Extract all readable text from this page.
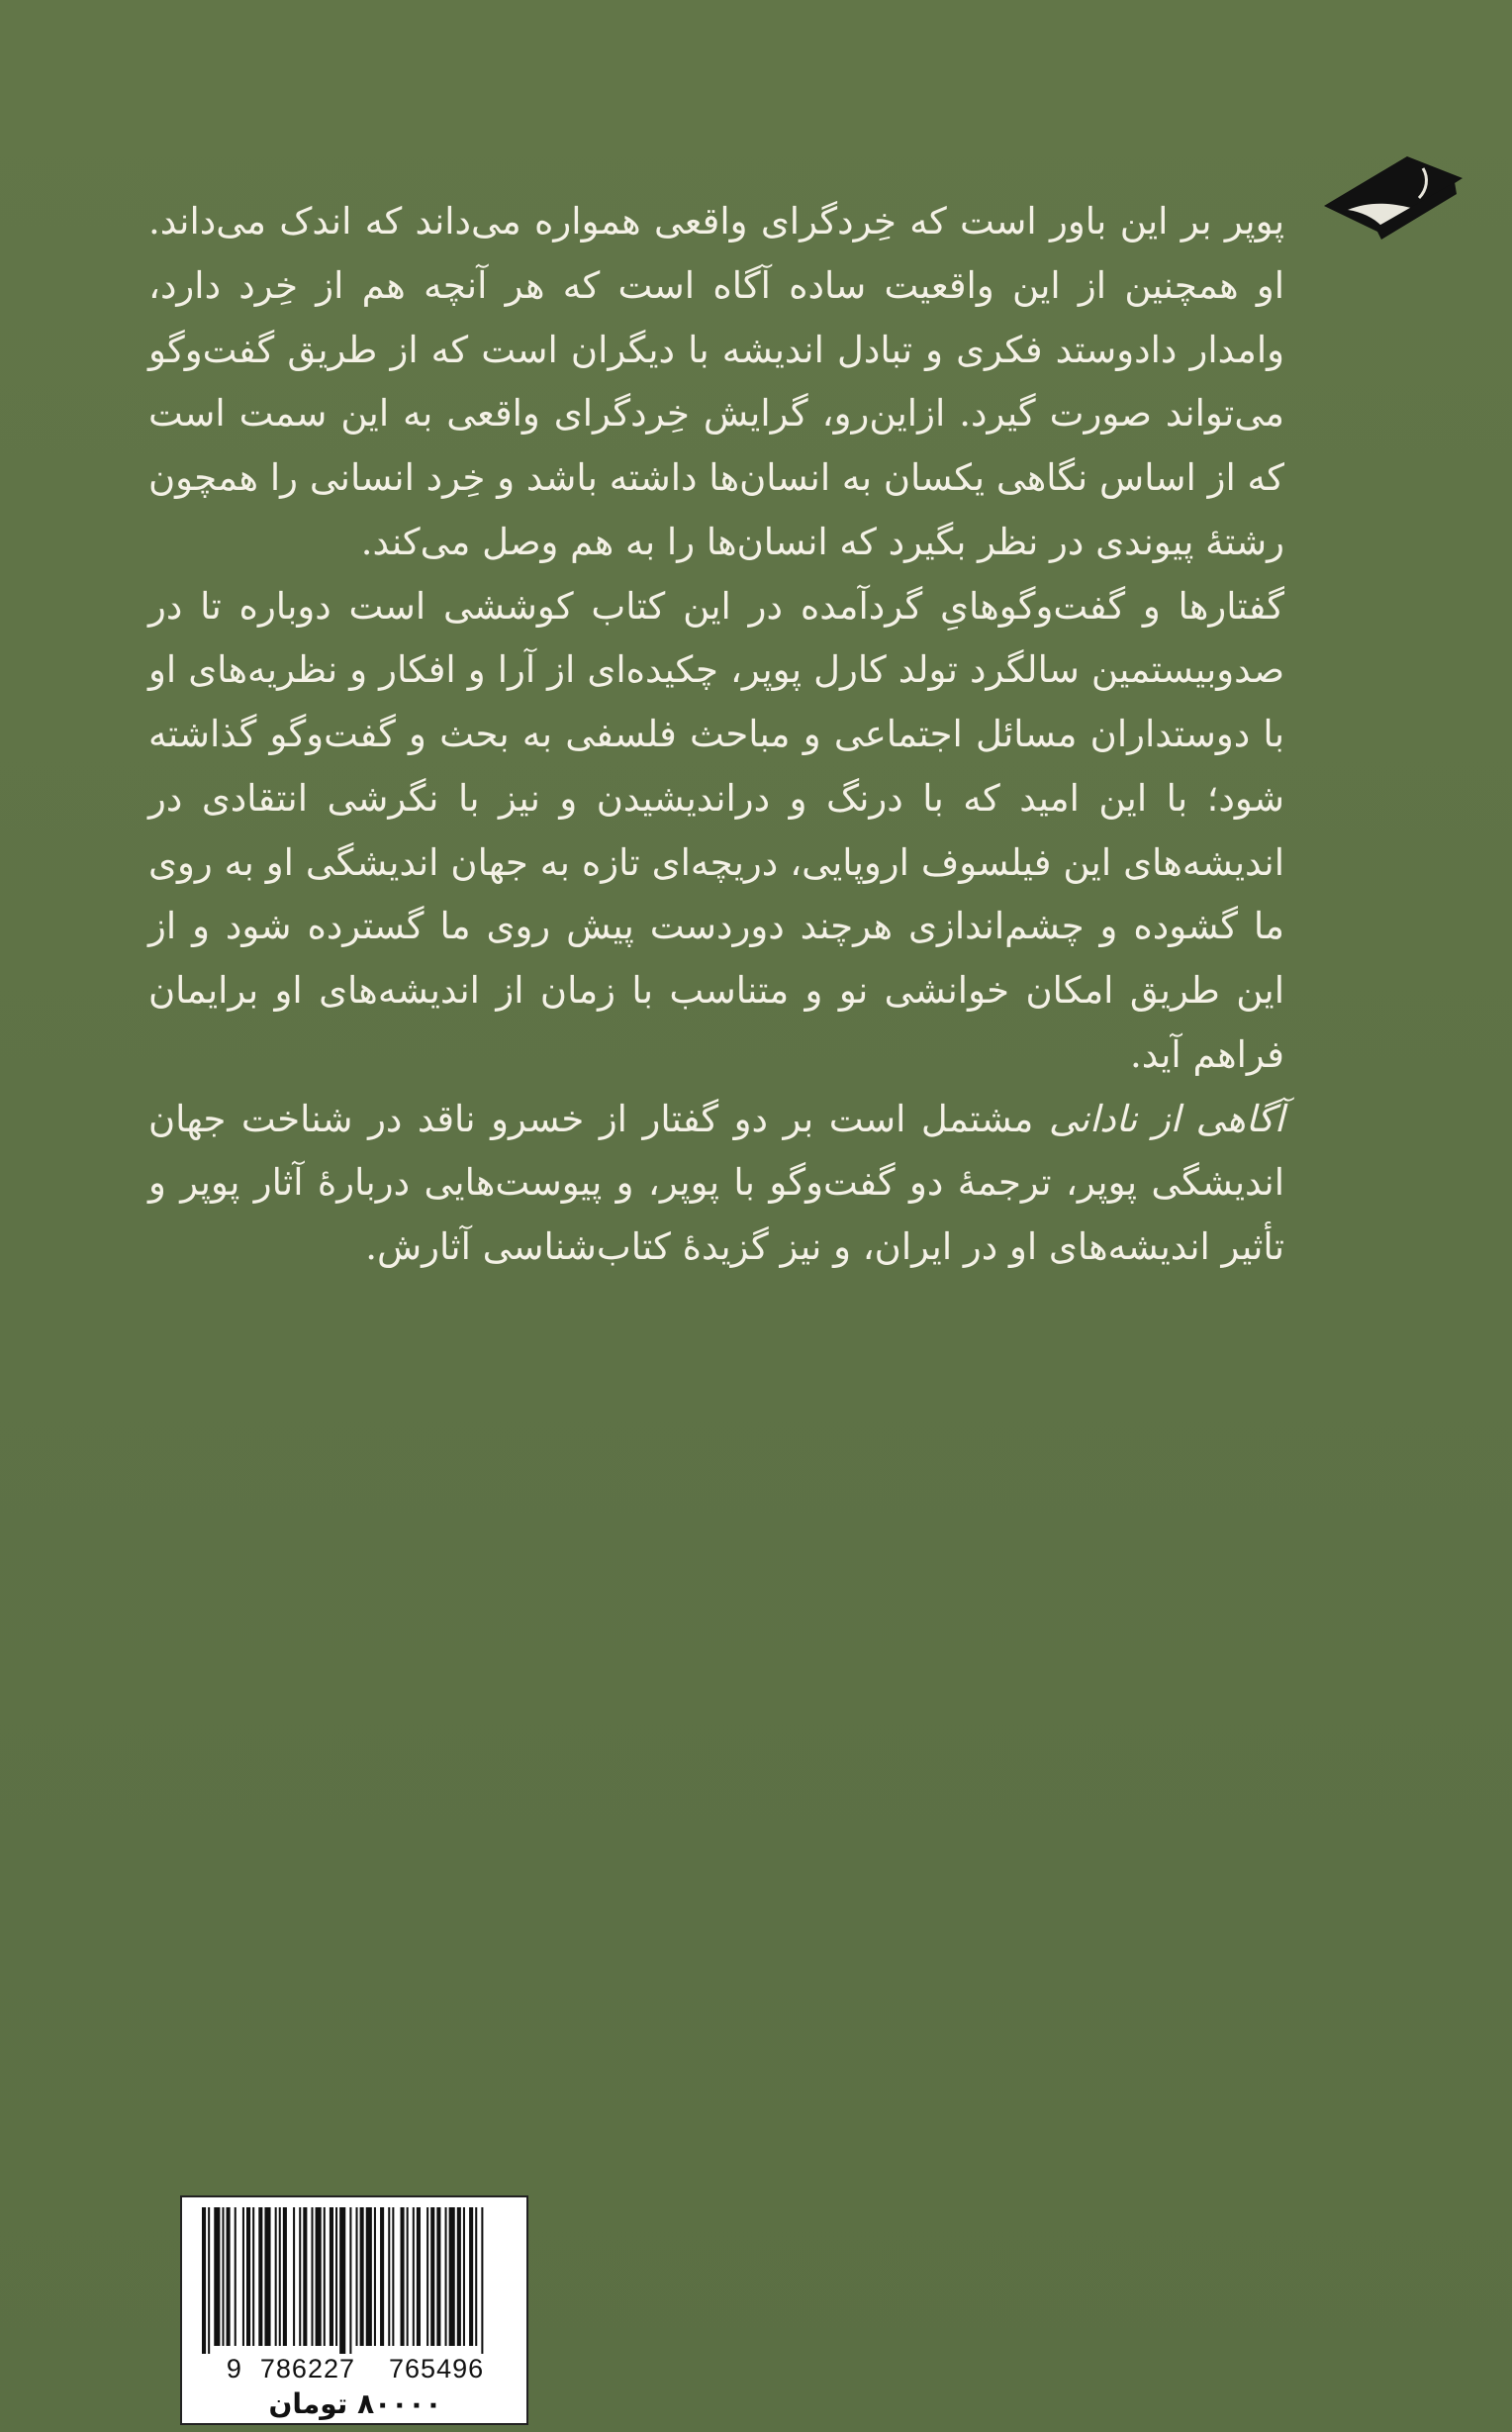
پوپر بر این باور است که خِردگرای واقعی همواره می‌داند که اندک می‌داند. او همچنین از این واقعیت ساده آگاه است که هر آنچه هم از خِرد دارد، وامدار دادوستد فکری و تبادل اندیشه با دیگران است که از طریق گفت‌وگو می‌تواند صورت گیرد. ازاین‌رو، گرایش خِردگرای واقعی به این سمت است که از اساس نگاهی یکسان به انسان‌ها داشته باشد و خِرد انسانی را همچون رشتهٔ پیوندی در نظر بگیرد که انسان‌ها را به هم وصل می‌کند.

گفتارها و گفت‌وگوهایِ گردآمده در این کتاب کوششی است دوباره تا در صدوبیستمین سالگرد تولد کارل پوپر، چکیده‌ای از آرا و افکار و نظریه‌های او با دوستداران مسائل اجتماعی و مباحث فلسفی به بحث و گفت‌وگو گذاشته شود؛ با این امید که با درنگ و دراندیشیدن و نیز با نگرشی انتقادی در اندیشه‌های این فیلسوف اروپایی، دریچه‌ای تازه به جهان اندیشگی او به روی ما گشوده و چشم‌اندازی هرچند دوردست پیش روی ما گسترده شود و از این طریق امکان خوانشی نو و متناسب با زمان از اندیشه‌های او برایمان فراهم آید.

آگاهی از نادانی مشتمل است بر دو گفتار از خسرو ناقد در شناخت جهان اندیشگی پوپر، ترجمهٔ دو گفت‌وگو با پوپر، و پیوست‌هایی دربارهٔ آثار پوپر و تأثیر اندیشه‌های او در ایران، و نیز گزیدهٔ کتاب‌شناسی آثارش.

9 786227 765496
۸۰۰۰۰ تومان
